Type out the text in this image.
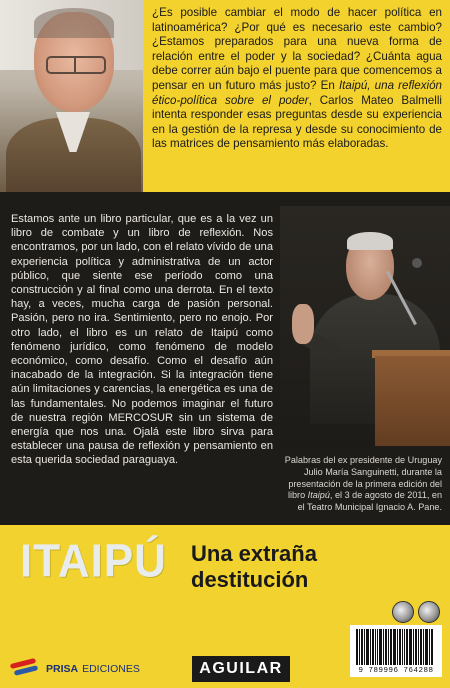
¿Es posible cambiar el modo de hacer política en latinoamérica? ¿Por qué es necesario este cambio? ¿Estamos preparados para una nueva forma de relación entre el poder y la sociedad? ¿Cuánta agua debe correr aún bajo el puente para que comencemos a pensar en un futuro más justo? En Itaipú, una reflexión ético-política sobre el poder, Carlos Mateo Balmelli intenta responder esas preguntas desde su experiencia en la gestión de la represa y desde su conocimiento de las matrices de pensamiento más elaboradas.

Estamos ante un libro particular, que es a la vez un libro de combate y un libro de reflexión. Nos encontramos, por un lado, con el relato vívido de una experiencia política y administrativa de un actor público, que siente ese período como una construcción y al final como una derrota. En el texto hay, a veces, mucha carga de pasión personal. Pasión, pero no ira. Sentimiento, pero no enojo. Por otro lado, el libro es un relato de Itaipú como fenómeno jurídico, como fenómeno de modelo económico, como desafío. Como el desafío aún inacabado de la integración. Si la integración tiene aún limitaciones y carencias, la energética es una de las fundamentales. No podemos imaginar el futuro de nuestra región MERCOSUR sin un sistema de energía que nos una. Ojalá este libro sirva para establecer una pausa de reflexión y pensamiento en esta querida sociedad paraguaya.	Palabras del ex presidente de Uruguay Julio María Sanguinetti, durante la presentación de la primera edición del libro Itaipú, el 3 de agosto de 2011, en el Teatro Municipal Ignacio A. Pane.

ITAIPÚ Una extraña
destitución
9 789996 764288
PRISA EDICIONES	AGUILAR
